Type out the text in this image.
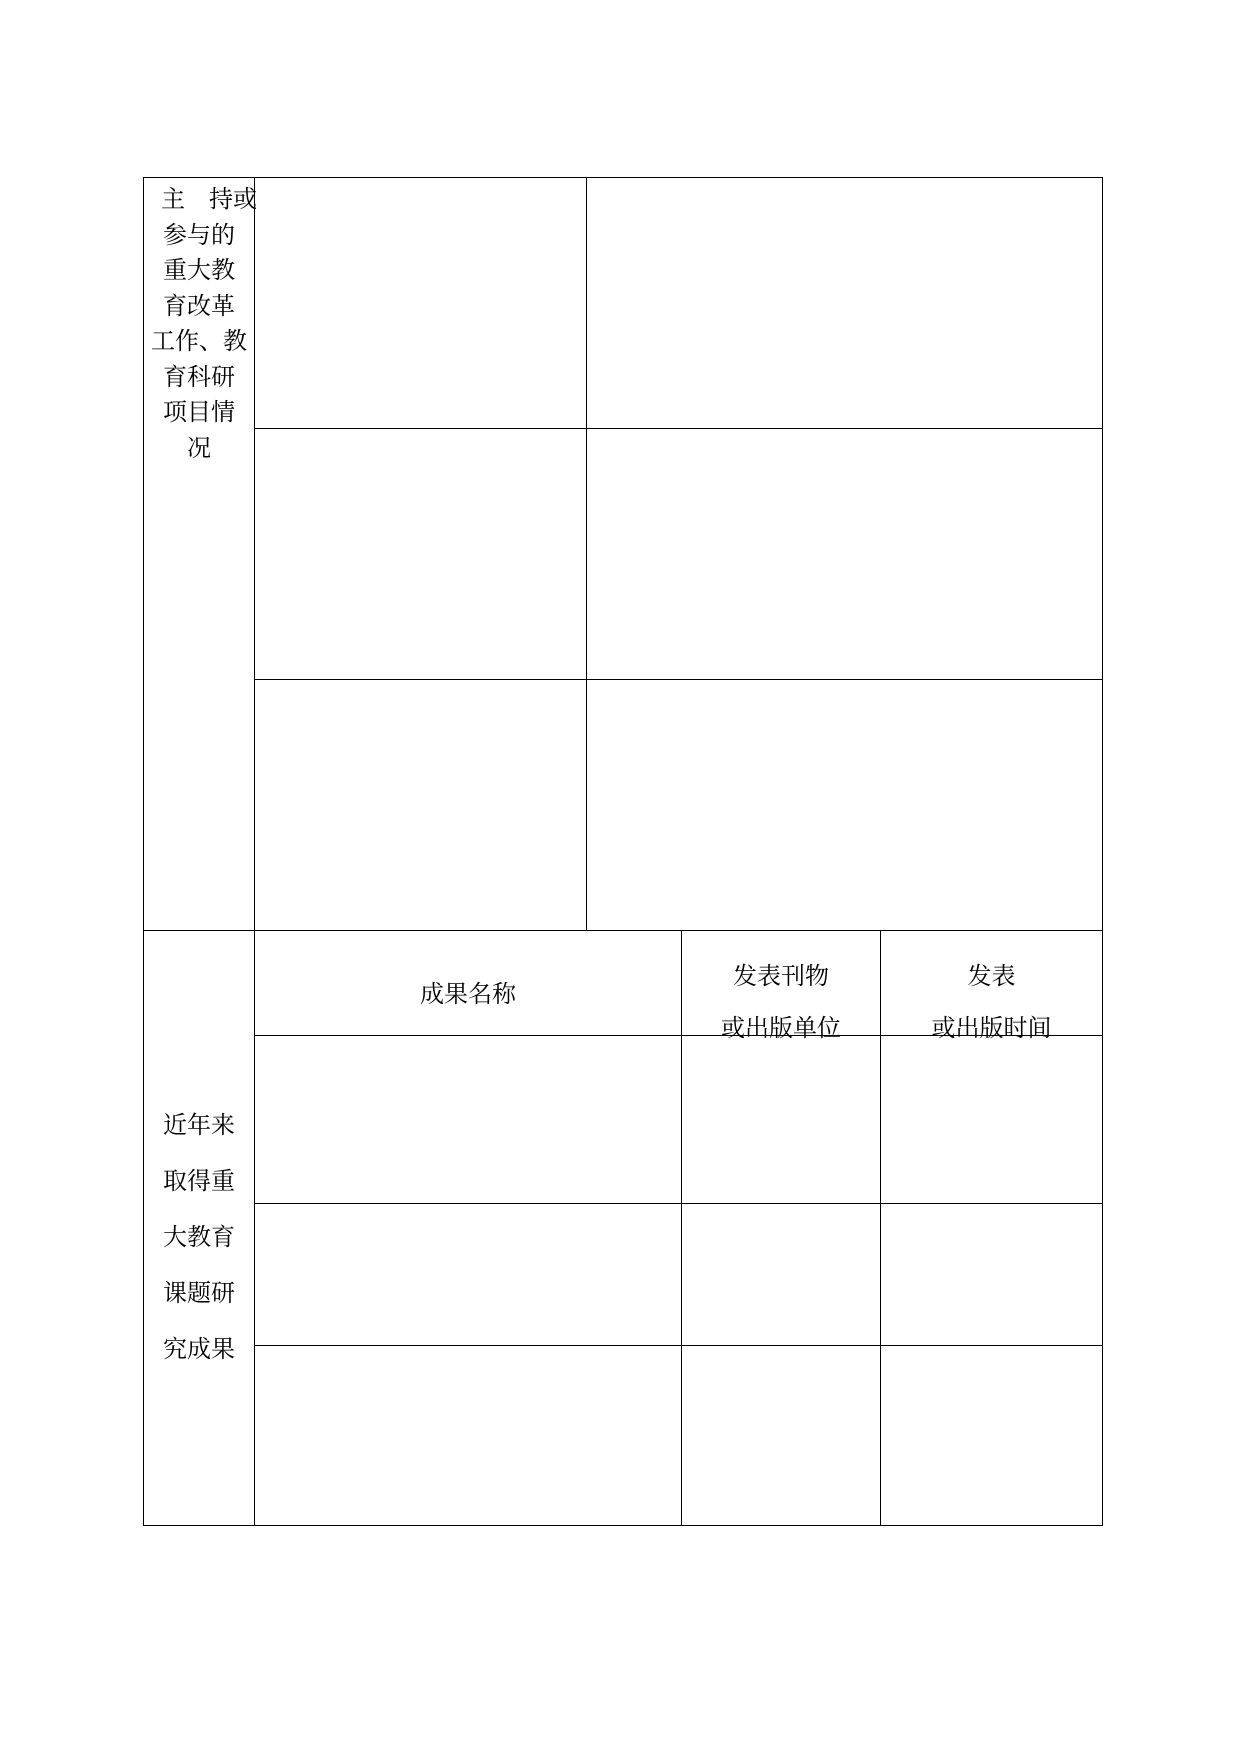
主　持或
参与的
重大教
育改革
工作、教
育科研
项目情
况
近年来
取得重
大教育
课题研
究成果
成果名称
发表刊物
或出版单位
发表
或出版时间
